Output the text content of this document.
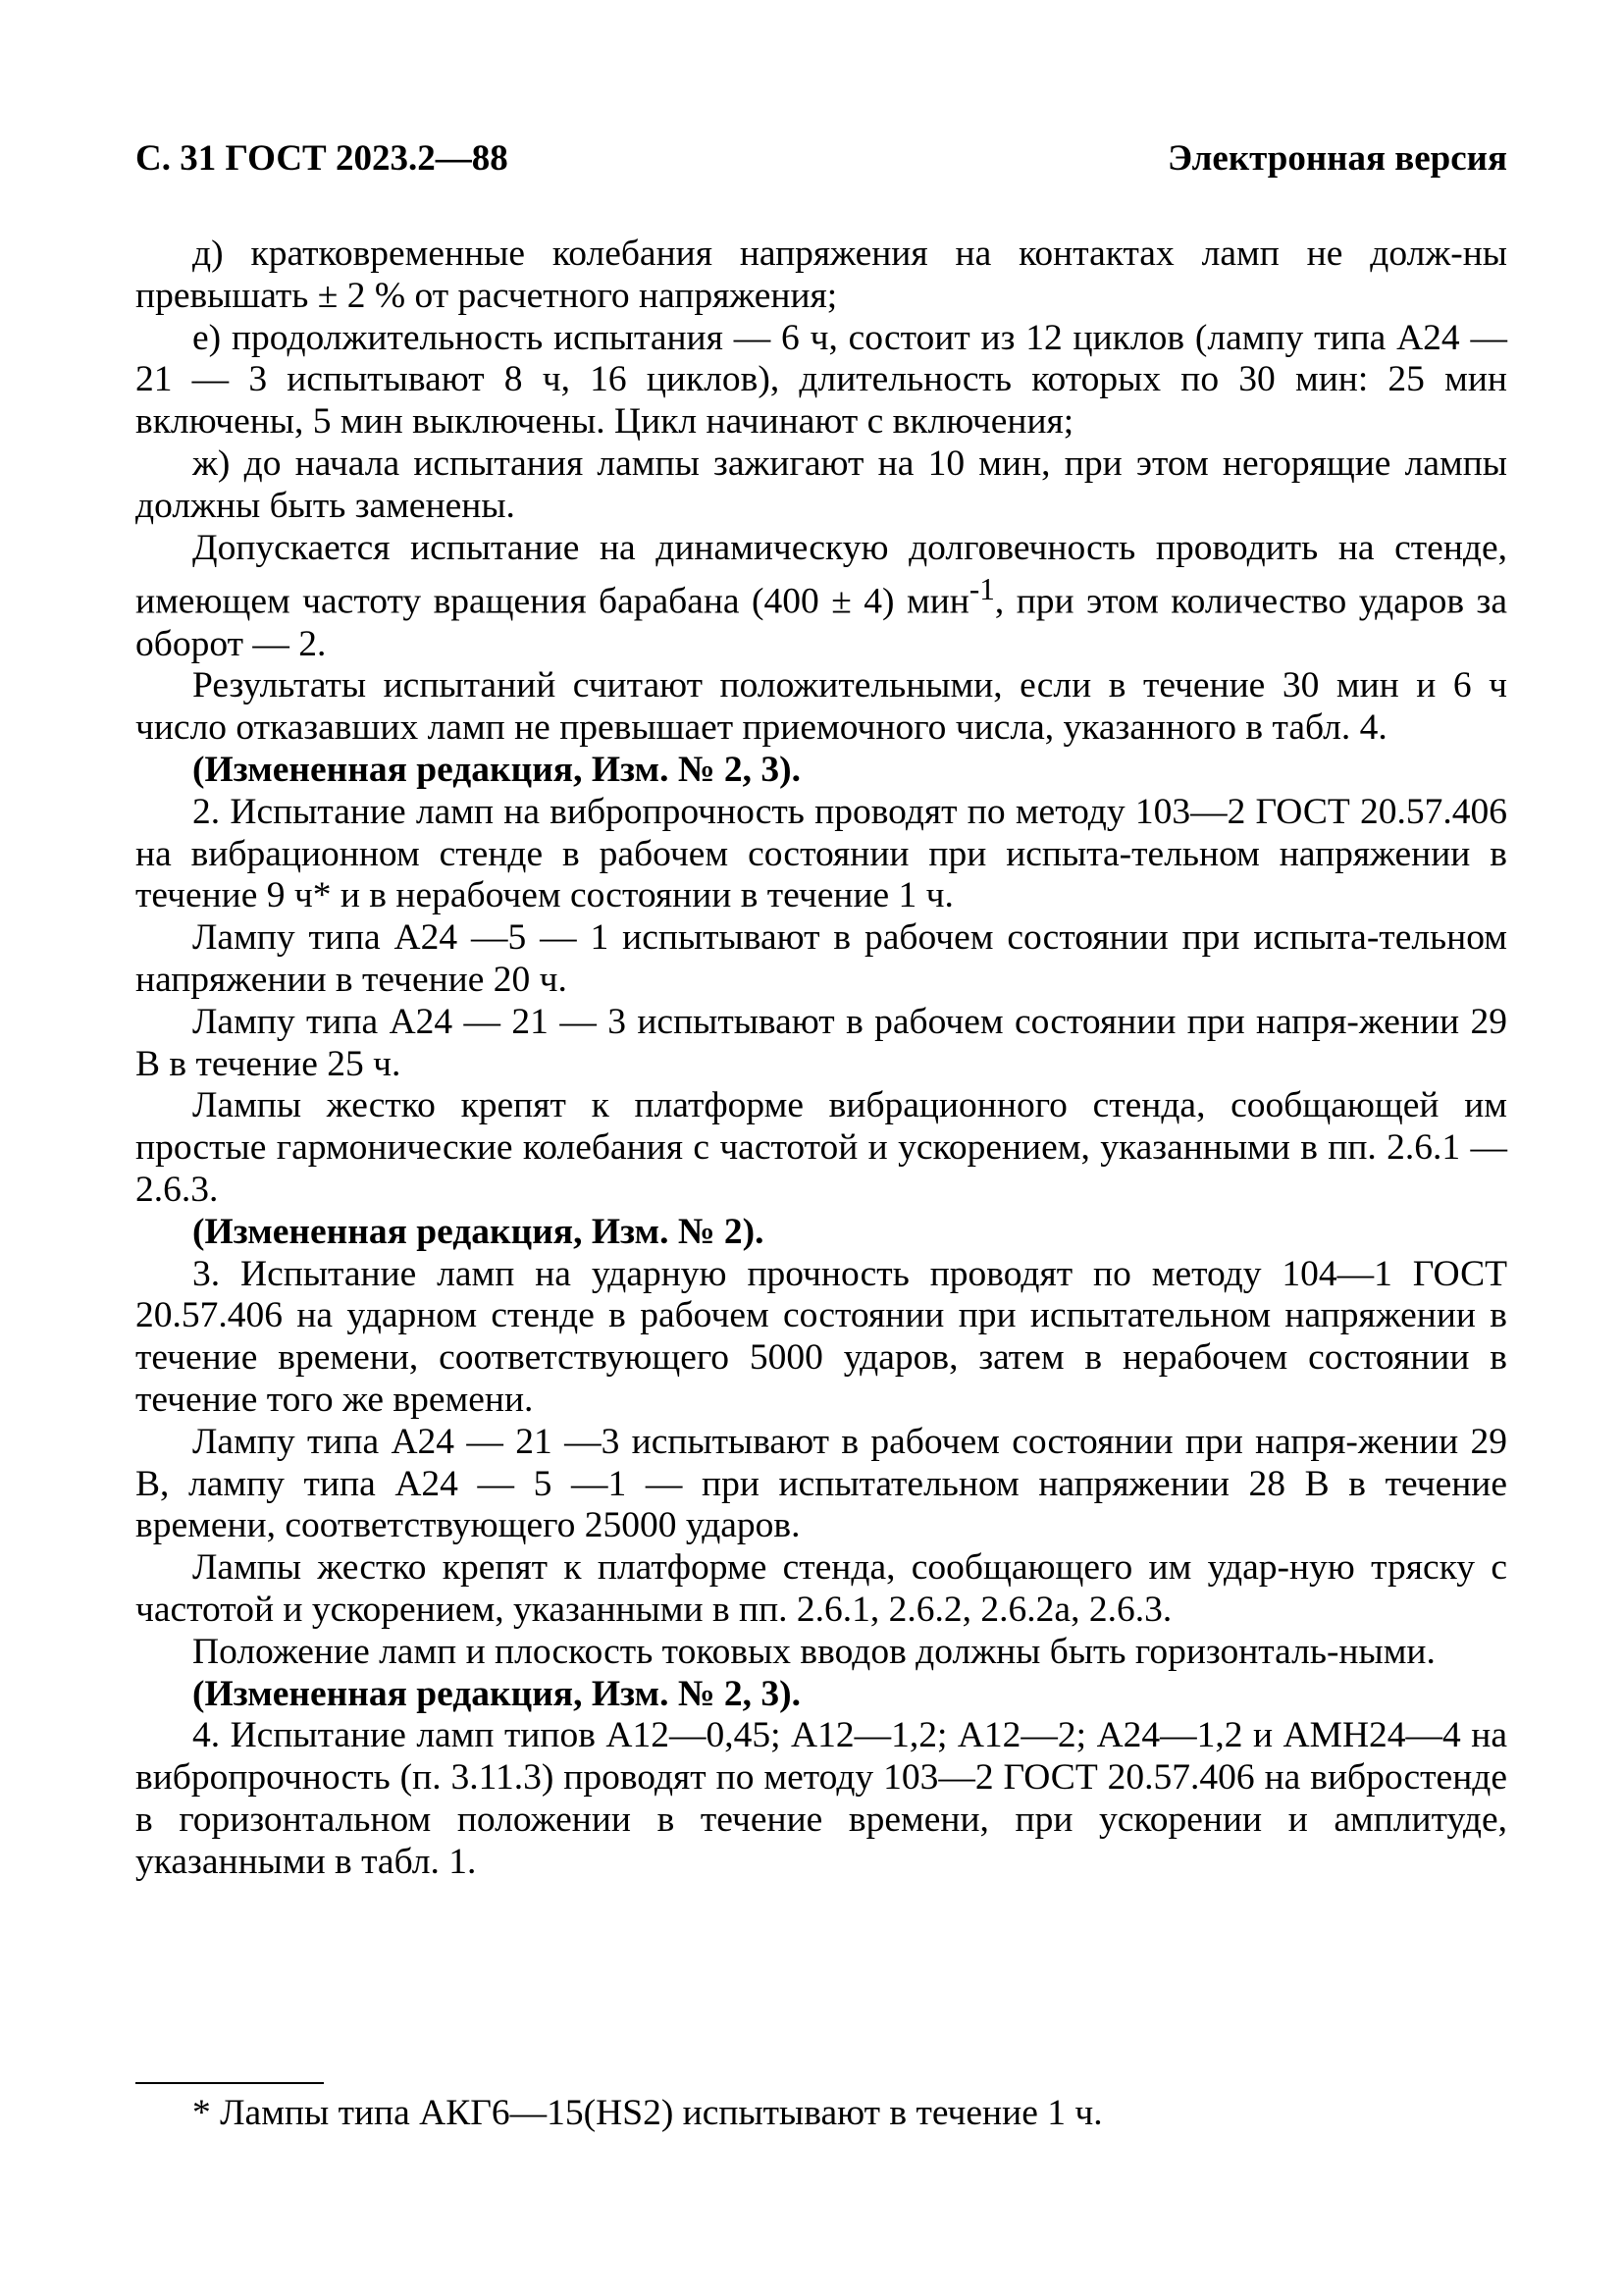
С. 31 ГОСТ 2023.2—88	Электронная версия

д) кратковременные колебания напряжения на контактах ламп не долж-ны превышать ± 2 % от расчетного напряжения;

е) продолжительность испытания — 6 ч, состоит из 12 циклов (лампу типа А24 — 21 — 3 испытывают 8 ч, 16 циклов), длительность которых по 30 мин: 25 мин включены, 5 мин выключены. Цикл начинают с включения;

ж) до начала испытания лампы зажигают на 10 мин, при этом негорящие лампы должны быть заменены.

Допускается испытание на динамическую долговечность проводить на стенде, имеющем частоту вращения барабана (400 ± 4) мин$^{-1}$, при этом количество ударов за оборот — 2.

Результаты испытаний считают положительными, если в течение 30 мин и 6 ч число отказавших ламп не превышает приемочного числа, указанного в табл. 4.

(Измененная редакция, Изм. № 2, 3).

2. Испытание ламп на вибропрочность проводят по методу 103—2 ГОСТ 20.57.406 на вибрационном стенде в рабочем состоянии при испыта-тельном напряжении в течение 9 ч* и в нерабочем состоянии в течение 1 ч.

Лампу типа А24 —5 — 1 испытывают в рабочем состоянии при испыта-тельном напряжении в течение 20 ч.

Лампу типа А24 — 21 — 3 испытывают в рабочем состоянии при напря-жении 29 В в течение 25 ч.

Лампы жестко крепят к платформе вибрационного стенда, сообщающей им простые гармонические колебания с частотой и ускорением, указанными в пп. 2.6.1 — 2.6.3.

(Измененная редакция, Изм. № 2).

3. Испытание ламп на ударную прочность проводят по методу 104—1 ГОСТ 20.57.406 на ударном стенде в рабочем состоянии при испытательном напряжении в течение времени, соответствующего 5000 ударов, затем в нерабочем состоянии в течение того же времени.

Лампу типа А24 — 21 —3 испытывают в рабочем состоянии при напря-жении 29 В, лампу типа А24 — 5 —1 — при испытательном напряжении 28 В в течение времени, соответствующего 25000 ударов.

Лампы жестко крепят к платформе стенда, сообщающего им удар-ную тряску с частотой и ускорением, указанными в пп. 2.6.1, 2.6.2, 2.6.2а, 2.6.3.

Положение ламп и плоскость токовых вводов должны быть горизонталь-ными.

(Измененная редакция, Изм. № 2, 3).

4. Испытание ламп типов А12—0,45; А12—1,2; А12—2; А24—1,2 и АМН24—4 на вибропрочность (п. 3.11.3) проводят по методу 103—2 ГОСТ 20.57.406 на вибростенде в горизонтальном положении в течение времени, при ускорении и амплитуде, указанными в табл. 1.

* Лампы типа АКГ6—15(HS2) испытывают в течение 1 ч.
